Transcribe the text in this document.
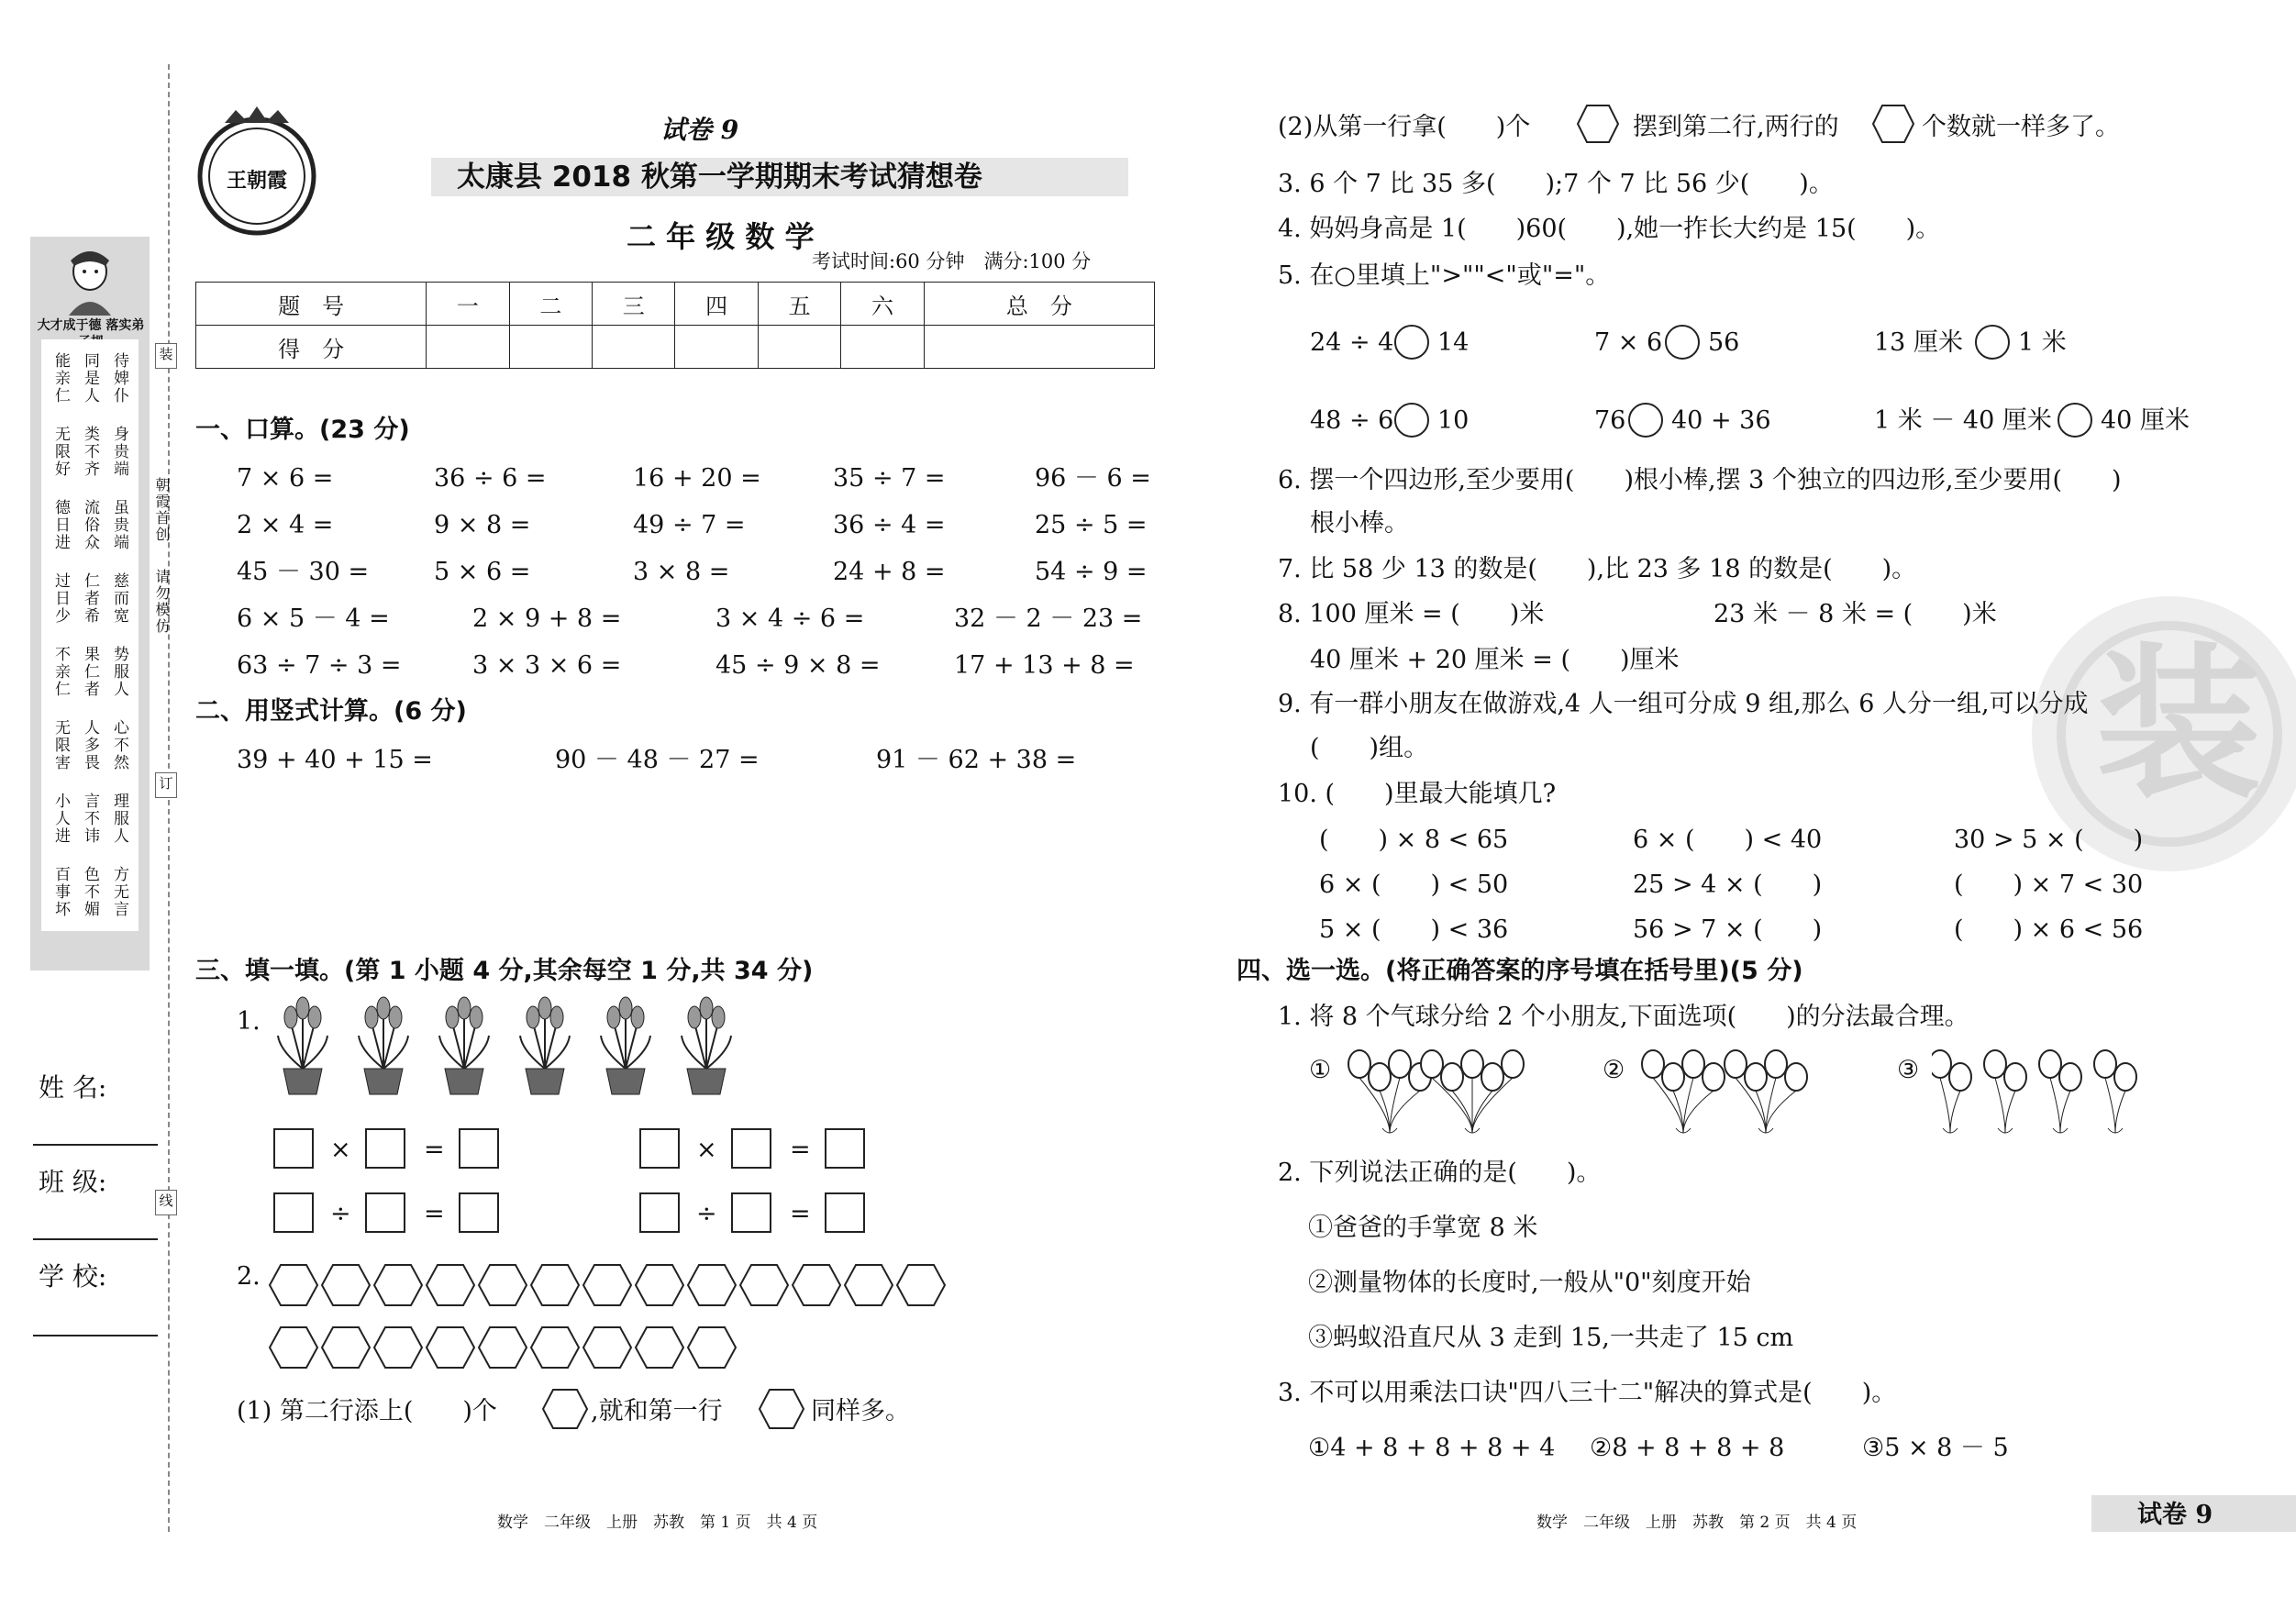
大才成于德 落实弟
能亲仁 同是人 待婢仆
无限好 类不齐 身贵端
德日进 流俗众 虽贵端
过日少 仁者希 慈而宽
不亲仁 果仁者 势服人
无限害 人多畏 心不然
小人进 言不讳 理服人
百事坏 色不媚 方无言
装
订
线
朝霞首创
请勿模仿
姓 名:
班 级:
学 校:
王朝霞
试卷 9
太康县 2018 秋第一学期期末考试猜想卷
二 年 级 数 学
考试时间:60 分钟　满分:100 分
题　号	一	二	三	四	五	六	总　分
得　分							
一、口算。(23 分)
7 × 6 =	36 ÷ 6 =	16 + 20 =	35 ÷ 7 =	96 － 6 =
2 × 4 =	9 × 8 =	49 ÷ 7 =	36 ÷ 4 =	25 ÷ 5 =
45 － 30 =	5 × 6 =	3 × 8 =	24 + 8 =	54 ÷ 9 =
6 × 5 － 4 =	2 × 9 + 8 =	3 × 4 ÷ 6 =	32 － 2 － 23 =
63 ÷ 7 ÷ 3 =	3 × 3 × 6 =	45 ÷ 9 × 8 =	17 + 13 + 8 =
二、用竖式计算。(6 分)
39 + 40 + 15 =	90 － 48 － 27 =	91 － 62 + 38 =
三、填一填。(第 1 小题 4 分,其余每空 1 分,共 34 分)
1.
×	=	×	=
÷	=	÷	=
2.
(1) 第二行添上(　　)个	,就和第一行	同样多。
数学　二年级　上册　苏教　第 1 页　共 4 页
装
(2)从第一行拿(　　)个	摆到第二行,两行的	个数就一样多了。
3. 6 个 7 比 35 多(　　);7 个 7 比 56 少(　　)。
4. 妈妈身高是 1(　　)60(　　),她一拃长大约是 15(　　)。
5. 在○里填上">""<"或"="。
24 ÷ 4 14	7 × 6 56	13 厘米 1 米
48 ÷ 6 10	76 40 + 36	1 米 － 40 厘米 40 厘米
6. 摆一个四边形,至少要用(　　)根小棒,摆 3 个独立的四边形,至少要用(　　)
根小棒。
7. 比 58 少 13 的数是(　　),比 23 多 18 的数是(　　)。
8. 100 厘米 = (　　)米	23 米 － 8 米 = (　　)米
40 厘米 + 20 厘米 = (　　)厘米
9. 有一群小朋友在做游戏,4 人一组可分成 9 组,那么 6 人分一组,可以分成
(　　)组。
10. (　　)里最大能填几?
(　　) × 8 < 65	6 × (　　) < 40	30 > 5 × (　　)
6 × (　　) < 50	25 > 4 × (　　)	(　　) × 7 < 30
5 × (　　) < 36	56 > 7 × (　　)	(　　) × 6 < 56
四、选一选。(将正确答案的序号填在括号里)(5 分)
1. 将 8 个气球分给 2 个小朋友,下面选项(　　)的分法最合理。
①	②	③
2. 下列说法正确的是(　　)。
①爸爸的手掌宽 8 米
②测量物体的长度时,一般从"0"刻度开始
③蚂蚁沿直尺从 3 走到 15,一共走了 15 cm
3. 不可以用乘法口诀"四八三十二"解决的算式是(　　)。
①4 + 8 + 8 + 8 + 4 ②8 + 8 + 8 + 8	③5 × 8 － 5
数学　二年级　上册　苏教　第 2 页　共 4 页	试卷 9
